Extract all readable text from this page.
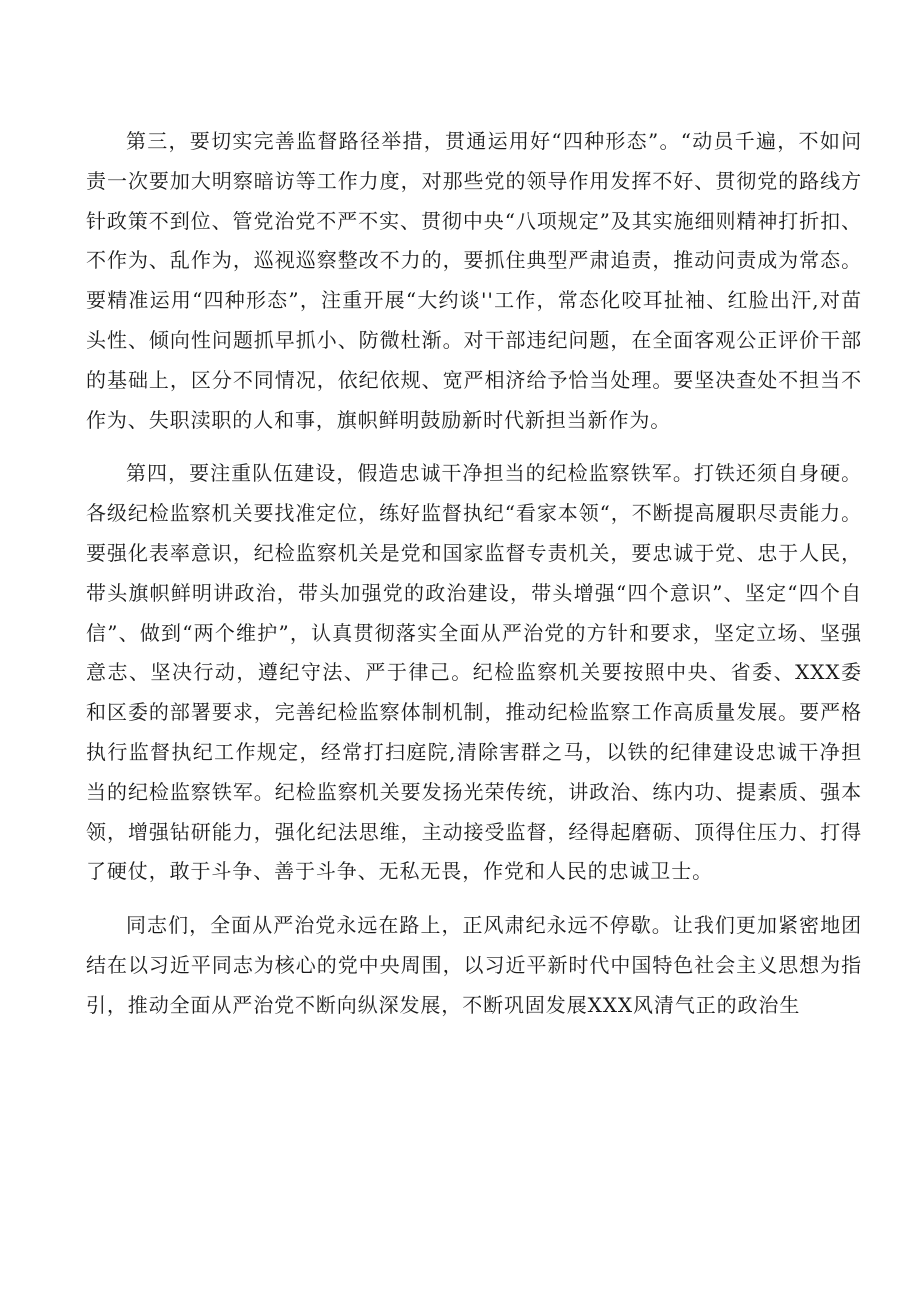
第三，要切实完善监督路径举措，贯通运用好“四种形态”。“动员千遍，不如问责一次要加大明察暗访等工作力度，对那些党的领导作用发挥不好、贯彻党的路线方针政策不到位、管党治党不严不实、贯彻中央“八项规定”及其实施细则精神打折扣、不作为、乱作为，巡视巡察整改不力的，要抓住典型严肃追责，推动问责成为常态。要精准运用“四种形态”，注重开展“大约谈''工作，常态化咬耳扯袖、红脸出汗,对苗头性、倾向性问题抓早抓小、防微杜渐。对干部违纪问题，在全面客观公正评价干部的基础上，区分不同情况，依纪依规、宽严相济给予恰当处理。要坚决查处不担当不作为、失职渎职的人和事，旗帜鲜明鼓励新时代新担当新作为。

第四，要注重队伍建设，假造忠诚干净担当的纪检监察铁军。打铁还须自身硬。各级纪检监察机关要找准定位，练好监督执纪“看家本领“，不断提高履职尽责能力。要强化表率意识，纪检监察机关是党和国家监督专责机关，要忠诚于党、忠于人民，带头旗帜鲜明讲政治，带头加强党的政治建设，带头增强“四个意识”、坚定“四个自信”、做到“两个维护”，认真贯彻落实全面从严治党的方针和要求，坚定立场、坚强意志、坚决行动，遵纪守法、严于律己。纪检监察机关要按照中央、省委、XXX委和区委的部署要求，完善纪检监察体制机制，推动纪检监察工作高质量发展。要严格执行监督执纪工作规定，经常打扫庭院,清除害群之马，以铁的纪律建设忠诚干净担当的纪检监察铁军。纪检监察机关要发扬光荣传统，讲政治、练内功、提素质、强本领，增强钻研能力，强化纪法思维，主动接受监督，经得起磨砺、顶得住压力、打得了硬仗，敢于斗争、善于斗争、无私无畏，作党和人民的忠诚卫士。

同志们，全面从严治党永远在路上，正风肃纪永远不停歇。让我们更加紧密地团结在以习近平同志为核心的党中央周围，以习近平新时代中国特色社会主义思想为指引，推动全面从严治党不断向纵深发展，不断巩固发展XXX风清气正的政治生
